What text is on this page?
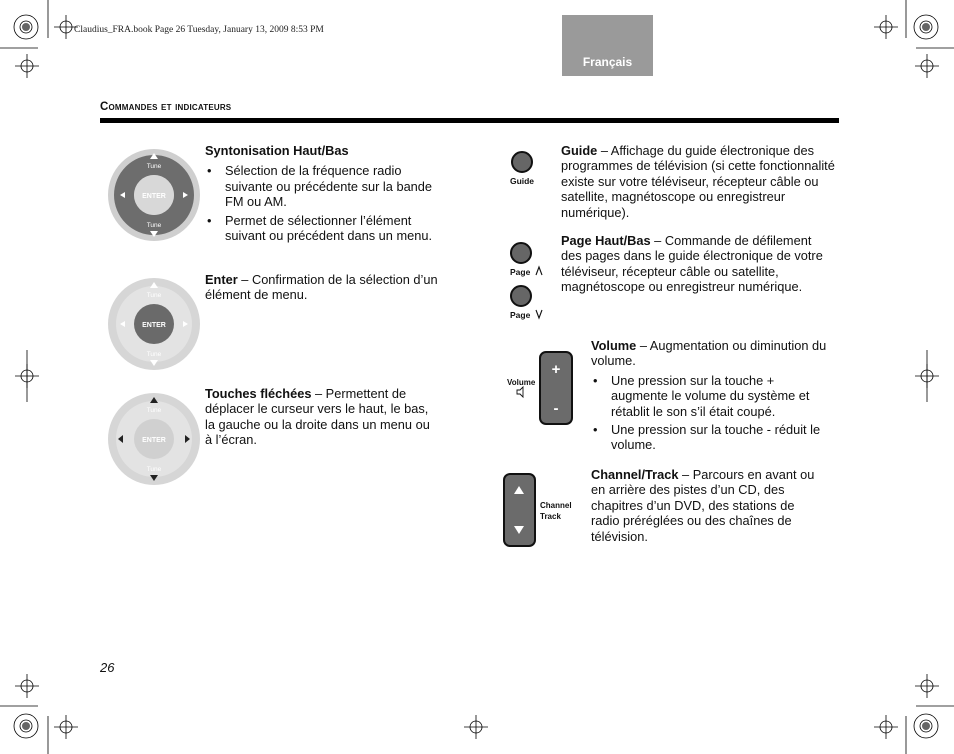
Claudius_FRA.book Page 26 Tuesday, January 13, 2009 8:53 PM
Français
Commandes et indicateurs
ENTER
Tune
Tune
ENTER
Tune
Tune
ENTER
Tune
Tune
Syntonisation Haut/Bas
• Sélection de la fréquence radio suivante ou précédente sur la bande FM ou AM.
• Permet de sélectionner l’élément suivant ou précédent dans un menu.
Enter – Confirmation de la sélection d’un élément de menu.
Touches fléchées – Permettent de déplacer le curseur vers le haut, le bas, la gauche ou la droite dans un menu ou à l’écran.
Guide
Page
Page
Volume
+
-
Channel
Track
Guide – Affichage du guide électronique des programmes de télévision (si cette fonctionnalité existe sur votre téléviseur, récepteur câble ou satellite, magnétoscope ou enregistreur numérique).
Page Haut/Bas – Commande de défilement des pages dans le guide électronique de votre téléviseur, récepteur câble ou satellite, magnétoscope ou enregistreur numérique.
Volume – Augmentation ou diminution du volume.
• Une pression sur la touche + augmente le volume du système et rétablit le son s’il était coupé.
• Une pression sur la touche - réduit le volume.
Channel/Track – Parcours en avant ou en arrière des pistes d’un CD, des chapitres d’un DVD, des stations de radio préréglées ou des chaînes de télévision.
26
